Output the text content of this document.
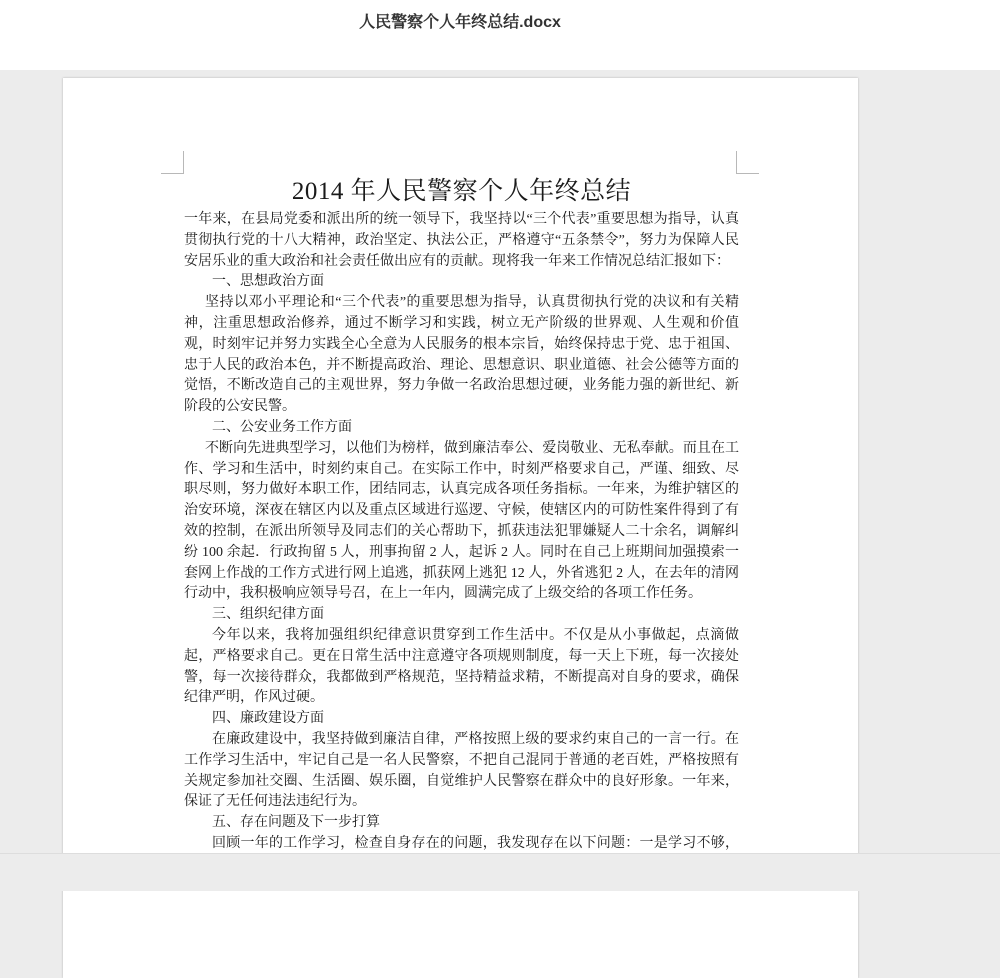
人民警察个人年终总结.docx
2014 年人民警察个人年终总结

一年来，在县局党委和派出所的统一领导下，我坚持以“三个代表”重要思想为指导，认真贯彻执行党的十八大精神，政治坚定、执法公正，严格遵守“五条禁令”，努力为保障人民安居乐业的重大政治和社会责任做出应有的贡献。现将我一年来工作情况总结汇报如下：

一、思想政治方面

坚持以邓小平理论和“三个代表”的重要思想为指导，认真贯彻执行党的决议和有关精神，注重思想政治修养，通过不断学习和实践，树立无产阶级的世界观、人生观和价值观，时刻牢记并努力实践全心全意为人民服务的根本宗旨，始终保持忠于党、忠于祖国、忠于人民的政治本色，并不断提高政治、理论、思想意识、职业道德、社会公德等方面的觉悟，不断改造自己的主观世界，努力争做一名政治思想过硬，业务能力强的新世纪、新阶段的公安民警。

二、公安业务工作方面

不断向先进典型学习，以他们为榜样，做到廉洁奉公、爱岗敬业、无私奉献。而且在工作、学习和生活中，时刻约束自己。在实际工作中，时刻严格要求自己，严谨、细致、尽职尽则，努力做好本职工作，团结同志，认真完成各项任务指标。一年来，为维护辖区的治安环境，深夜在辖区内以及重点区域进行巡逻、守候，使辖区内的可防性案件得到了有效的控制，在派出所领导及同志们的关心帮助下，抓获违法犯罪嫌疑人二十余名，调解纠纷 100 余起．行政拘留 5 人，刑事拘留 2 人，起诉 2 人。同时在自己上班期间加强摸索一套网上作战的工作方式进行网上追逃，抓获网上逃犯 12 人，外省逃犯 2 人，在去年的清网行动中，我积极响应领导号召，在上一年内，圆满完成了上级交给的各项工作任务。

三、组织纪律方面

今年以来，我将加强组织纪律意识贯穿到工作生活中。不仅是从小事做起，点滴做起，严格要求自己。更在日常生活中注意遵守各项规则制度，每一天上下班，每一次接处警，每一次接待群众，我都做到严格规范，坚持精益求精，不断提高对自身的要求，确保纪律严明，作风过硬。

四、廉政建设方面

在廉政建设中，我坚持做到廉洁自律，严格按照上级的要求约束自己的一言一行。在工作学习生活中，牢记自己是一名人民警察，不把自己混同于普通的老百姓，严格按照有关规定参加社交圈、生活圈、娱乐圈，自觉维护人民警察在群众中的良好形象。一年来，保证了无任何违法违纪行为。

五、存在问题及下一步打算

回顾一年的工作学习，检查自身存在的问题，我发现存在以下问题：一是学习不够，
